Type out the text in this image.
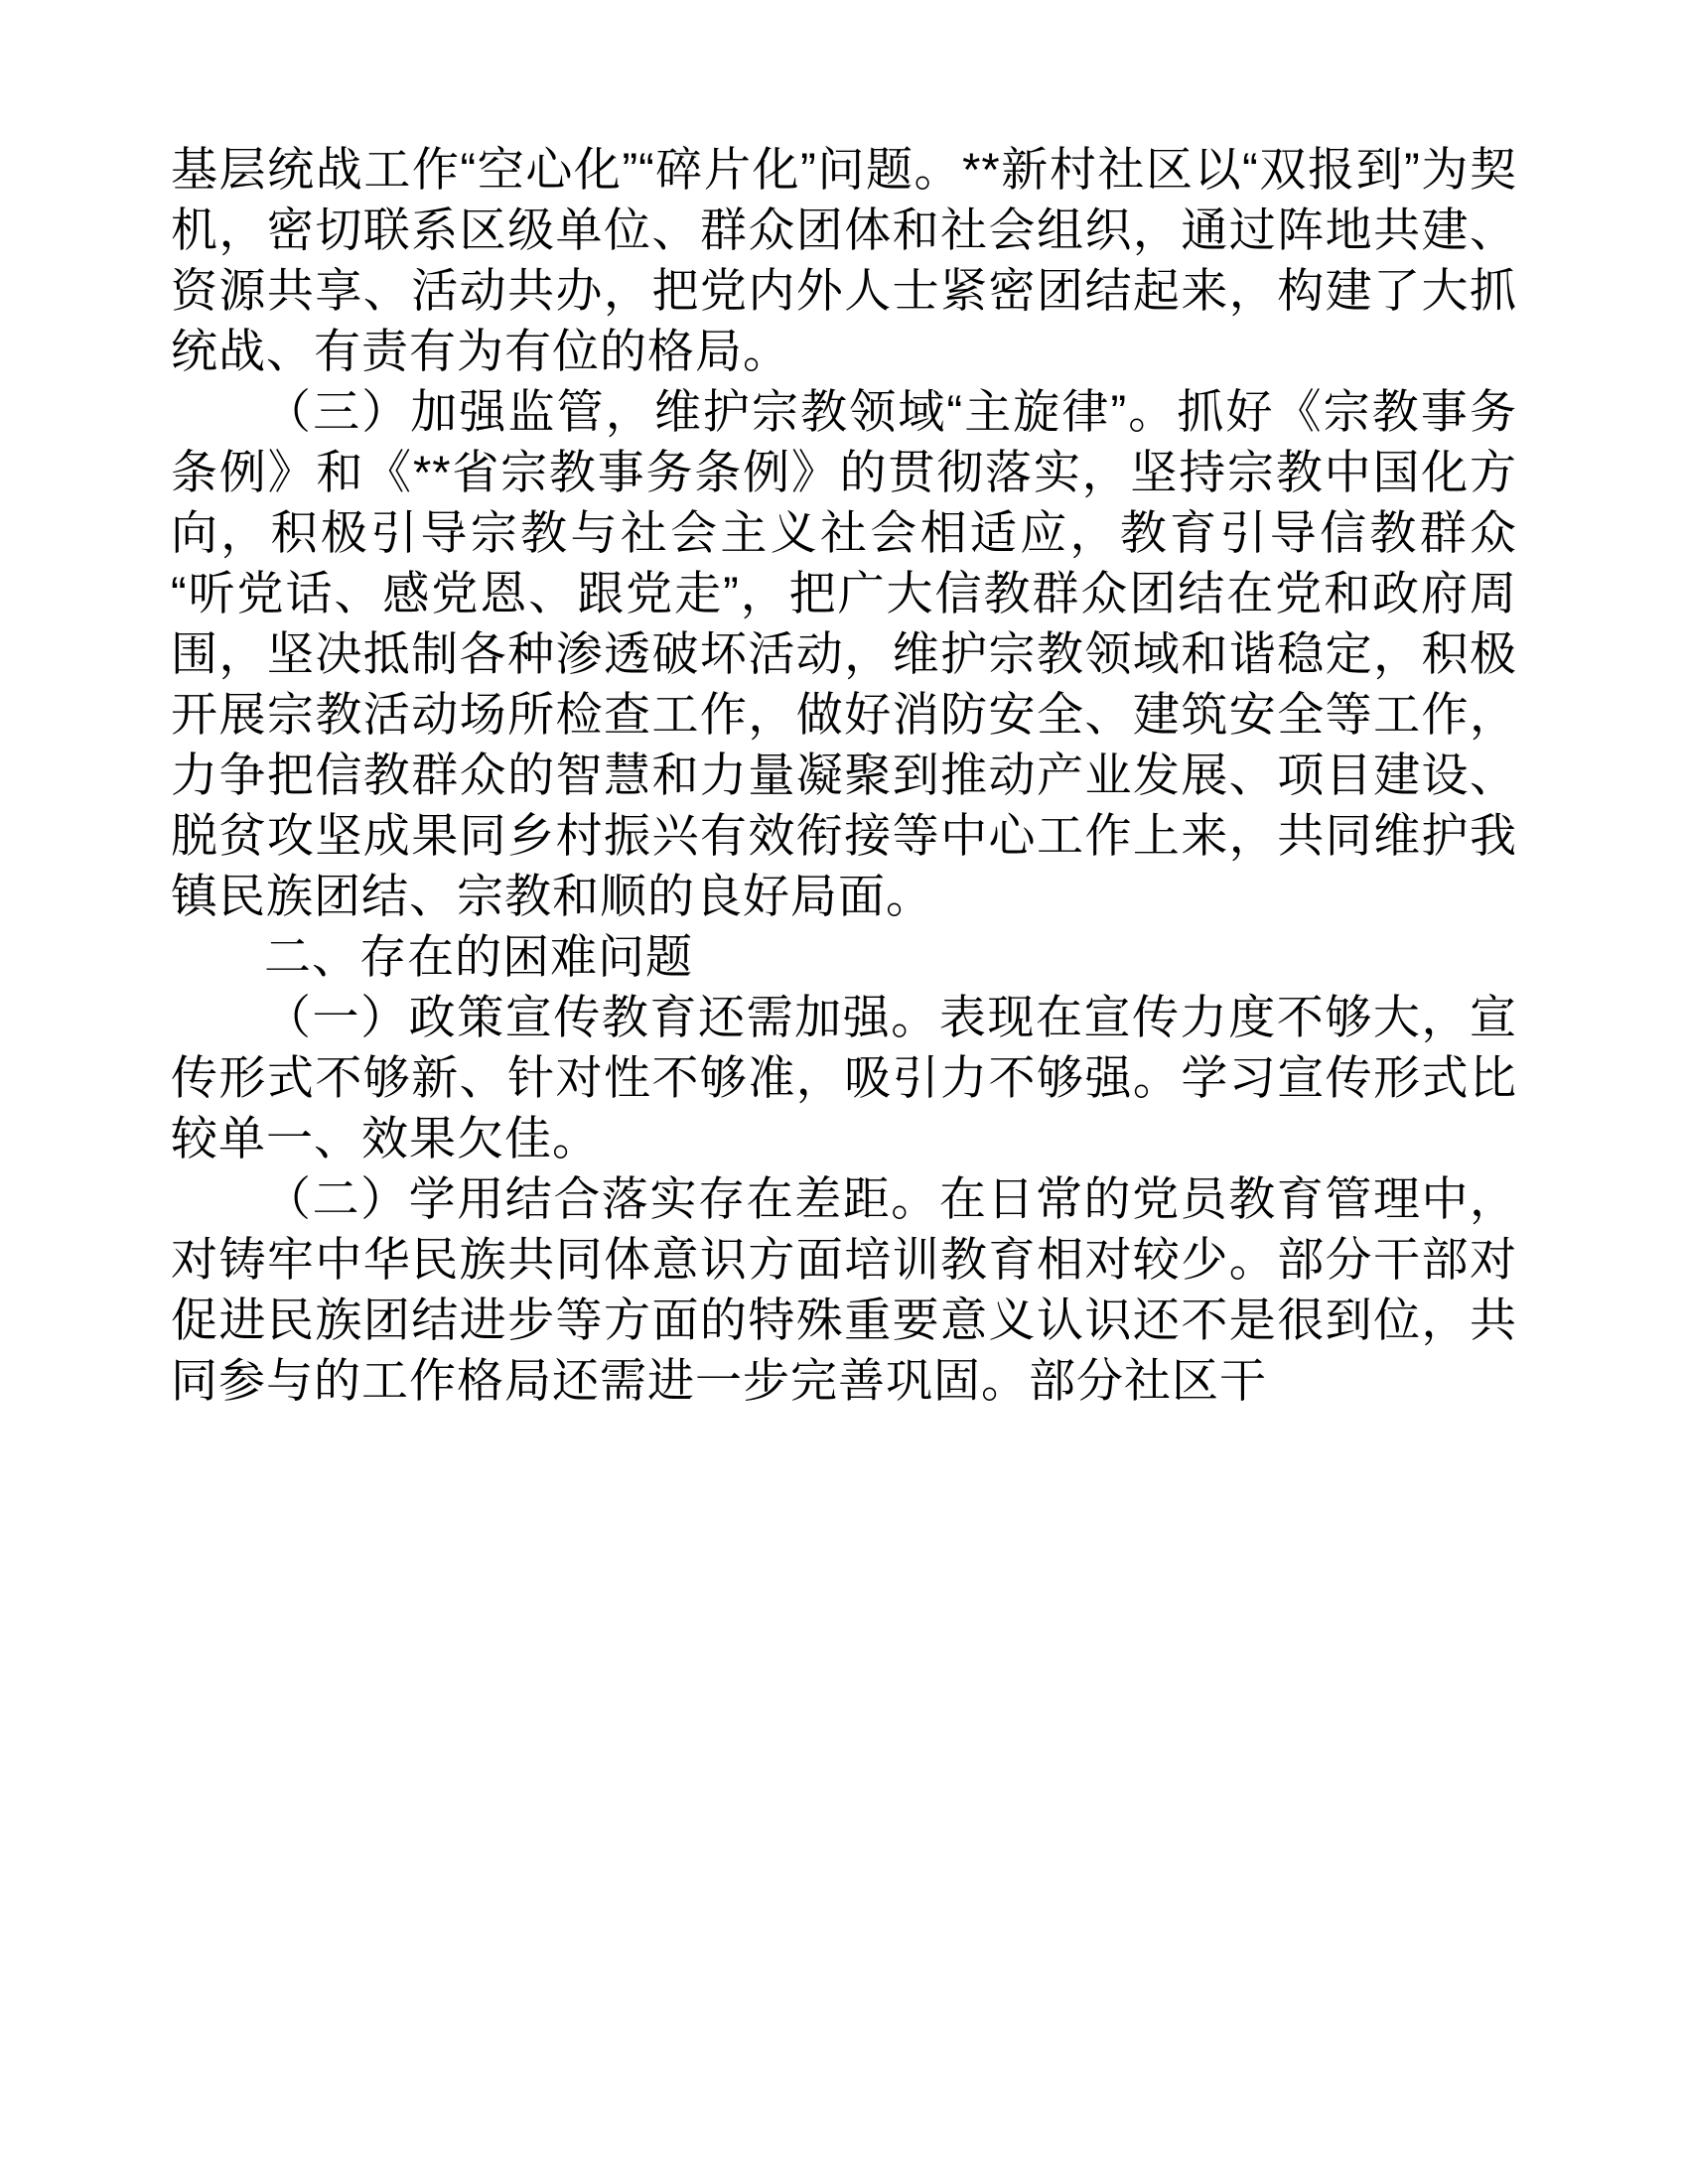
基层统战工作“空心化”“碎片化”问题。**新村社区以“双报到”为契机，密切联系区级单位、群众团体和社会组织，通过阵地共建、资源共享、活动共办，把党内外人士紧密团结起来，构建了大抓统战、有责有为有位的格局。

（三）加强监管，维护宗教领域“主旋律”。抓好《宗教事务条例》和《**省宗教事务条例》的贯彻落实，坚持宗教中国化方向，积极引导宗教与社会主义社会相适应，教育引导信教群众“听党话、感党恩、跟党走”，把广大信教群众团结在党和政府周围，坚决抵制各种渗透破坏活动，维护宗教领域和谐稳定，积极开展宗教活动场所检查工作，做好消防安全、建筑安全等工作，力争把信教群众的智慧和力量凝聚到推动产业发展、项目建设、脱贫攻坚成果同乡村振兴有效衔接等中心工作上来，共同维护我镇民族团结、宗教和顺的良好局面。

二、存在的困难问题

（一）政策宣传教育还需加强。表现在宣传力度不够大，宣传形式不够新、针对性不够准，吸引力不够强。学习宣传形式比较单一、效果欠佳。

（二）学用结合落实存在差距。在日常的党员教育管理中，对铸牢中华民族共同体意识方面培训教育相对较少。部分干部对促进民族团结进步等方面的特殊重要意义认识还不是很到位，共同参与的工作格局还需进一步完善巩固。部分社区干
